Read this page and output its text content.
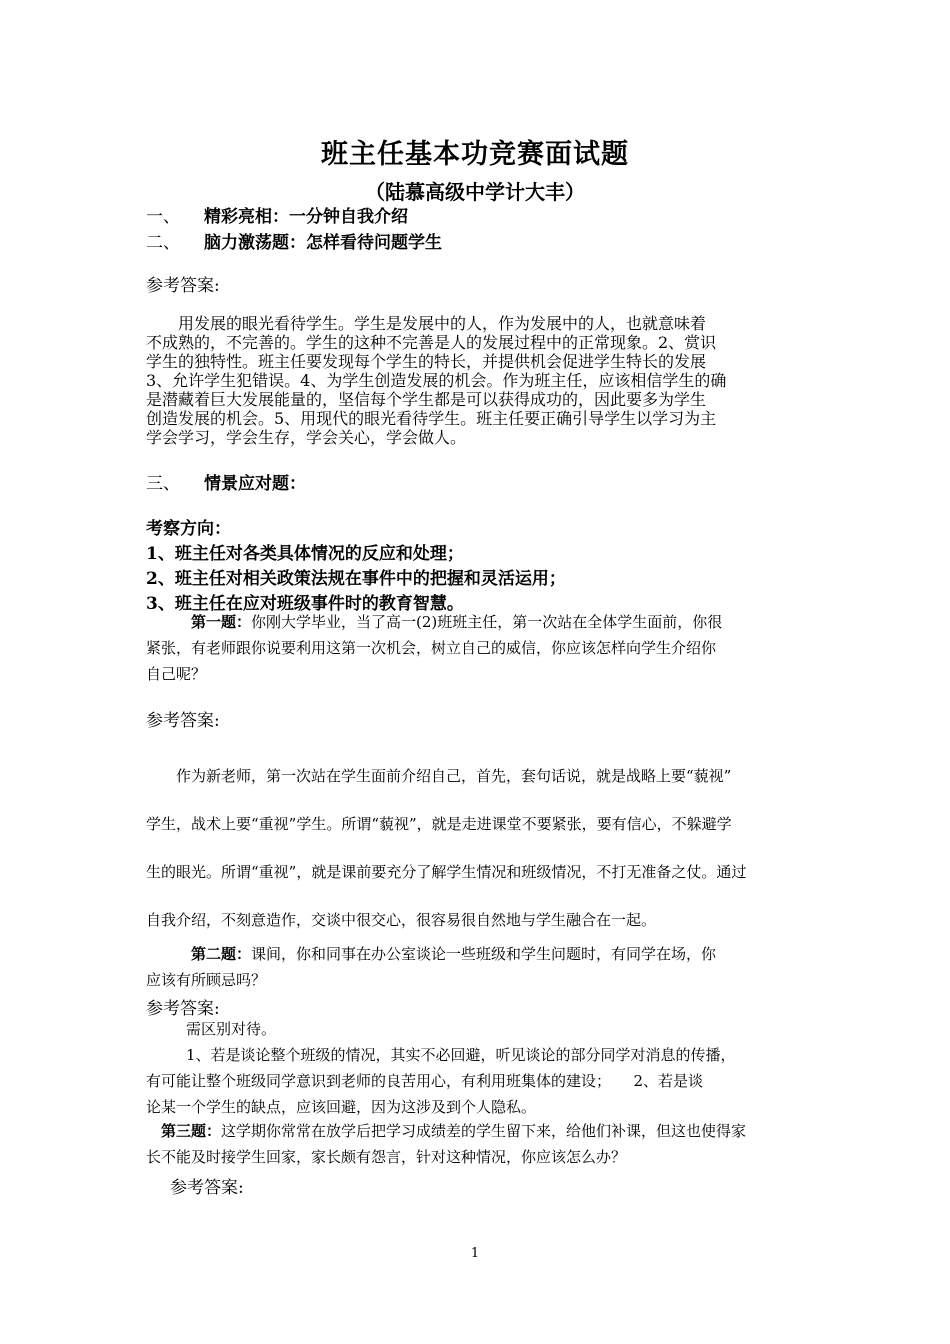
班主任基本功竞赛面试题
（陆慕高级中学计大丰）
一、 精彩亮相：一分钟自我介绍
二、 脑力激荡题：怎样看待问题学生
参考答案:
　　用发展的眼光看待学生。学生是发展中的人，作为发展中的人，也就意味着
不成熟的，不完善的。学生的这种不完善是人的发展过程中的正常现象。2、赏识
学生的独特性。班主任要发现每个学生的特长，并提供机会促进学生特长的发展
3、允许学生犯错误。4、为学生创造发展的机会。作为班主任，应该相信学生的确
是潜藏着巨大发展能量的，坚信每个学生都是可以获得成功的，因此要多为学生
创造发展的机会。5、用现代的眼光看待学生。班主任要正确引导学生以学习为主
学会学习，学会生存，学会关心，学会做人。
三、 情景应对题：
考察方向：
1、班主任对各类具体情况的反应和处理；
2、班主任对相关政策法规在事件中的把握和灵活运用；
3、班主任在应对班级事件时的教育智慧。
　　　第一题：你刚大学毕业，当了高一(2)班班主任，第一次站在全体学生面前，你很
紧张，有老师跟你说要利用这第一次机会，树立自己的威信，你应该怎样向学生介绍你
自己呢？
参考答案:
　　作为新老师，第一次站在学生面前介绍自己，首先，套句话说，就是战略上要“藐视”
学生，战术上要“重视”学生。所谓“藐视”，就是走进课堂不要紧张，要有信心，不躲避学
生的眼光。所谓“重视”，就是课前要充分了解学生情况和班级情况，不打无准备之仗。通过
自我介绍，不刻意造作，交谈中很交心，很容易很自然地与学生融合在一起。
　　　第二题：课间，你和同事在办公室谈论一些班级和学生问题时，有同学在场，你
应该有所顾忌吗？
参考答案:
需区别对待。
1、若是谈论整个班级的情况，其实不必回避，听见谈论的部分同学对消息的传播，
有可能让整个班级同学意识到老师的良苦用心，有利用班集体的建设；　　2、若是谈
论某一个学生的缺点，应该回避，因为这涉及到个人隐私。
　第三题：这学期你常常在放学后把学习成绩差的学生留下来，给他们补课，但这也使得家
长不能及时接学生回家，家长颇有怨言，针对这种情况，你应该怎么办？
参考答案:
1
